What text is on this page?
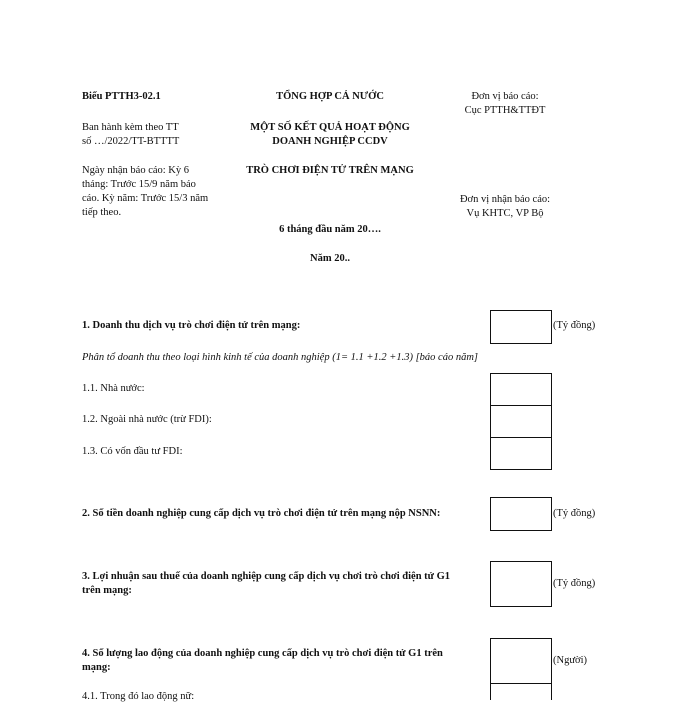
Biểu PTTH3-02.1
Ban hành kèm theo TT
số …/2022/TT-BTTTT
Ngày nhận báo cáo: Kỳ 6
tháng: Trước 15/9 năm báo
cáo. Kỳ năm: Trước 15/3 năm
tiếp theo.
TỔNG HỢP CẢ NƯỚC
MỘT SỐ KẾT QUẢ HOẠT ĐỘNG
DOANH NGHIỆP CCDV
TRÒ CHƠI ĐIỆN TỬ TRÊN MẠNG
6 tháng đầu năm 20….
Năm 20..
Đơn vị báo cáo:
Cục PTTH&TTĐT
Đơn vị nhận báo cáo:
Vụ KHTC, VP Bộ
1. Doanh thu dịch vụ trò chơi điện tử trên mạng:	(Tỷ đồng)
Phân tổ doanh thu theo loại hình kinh tế của doanh nghiệp (1= 1.1 +1.2 +1.3) [báo cáo năm]
1.1. Nhà nước:
1.2. Ngoài nhà nước (trừ FDI):
1.3. Có vốn đầu tư FDI:
2. Số tiền doanh nghiệp cung cấp dịch vụ trò chơi điện tử trên mạng nộp NSNN:	(Tỷ đồng)
3. Lợi nhuận sau thuế của doanh nghiệp cung cấp dịch vụ chơi trò chơi điện tử G1
trên mạng:
(Tỷ đồng)
4. Số lượng lao động của doanh nghiệp cung cấp dịch vụ trò chơi điện tử G1 trên
mạng:
(Người)
4.1. Trong đó lao động nữ:
